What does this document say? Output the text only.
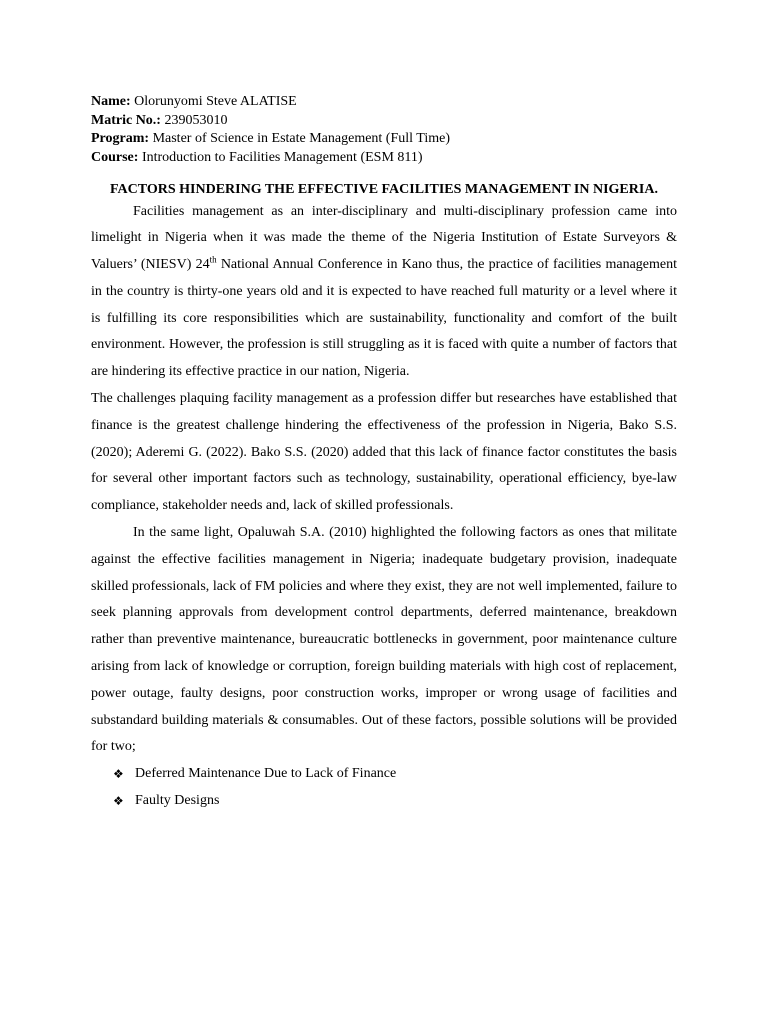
Name: Olorunyomi Steve ALATISE
Matric No.: 239053010
Program: Master of Science in Estate Management (Full Time)
Course: Introduction to Facilities Management (ESM 811)
FACTORS HINDERING THE EFFECTIVE FACILITIES MANAGEMENT IN NIGERIA.

Facilities management as an inter-disciplinary and multi-disciplinary profession came into limelight in Nigeria when it was made the theme of the Nigeria Institution of Estate Surveyors & Valuers’ (NIESV) 24th National Annual Conference in Kano thus, the practice of facilities management in the country is thirty-one years old and it is expected to have reached full maturity or a level where it is fulfilling its core responsibilities which are sustainability, functionality and comfort of the built environment. However, the profession is still struggling as it is faced with quite a number of factors that are hindering its effective practice in our nation, Nigeria.

The challenges plaquing facility management as a profession differ but researches have established that finance is the greatest challenge hindering the effectiveness of the profession in Nigeria, Bako S.S. (2020); Aderemi G. (2022). Bako S.S. (2020) added that this lack of finance factor constitutes the basis for several other important factors such as technology, sustainability, operational efficiency, bye-law compliance, stakeholder needs and, lack of skilled professionals.

In the same light, Opaluwah S.A. (2010) highlighted the following factors as ones that militate against the effective facilities management in Nigeria; inadequate budgetary provision, inadequate skilled professionals, lack of FM policies and where they exist, they are not well implemented, failure to seek planning approvals from development control departments, deferred maintenance, breakdown rather than preventive maintenance, bureaucratic bottlenecks in government, poor maintenance culture arising from lack of knowledge or corruption, foreign building materials with high cost of replacement, power outage, faulty designs, poor construction works, improper or wrong usage of facilities and substandard building materials & consumables. Out of these factors, possible solutions will be provided for two;

❖ Deferred Maintenance Due to Lack of Finance
❖ Faulty Designs
